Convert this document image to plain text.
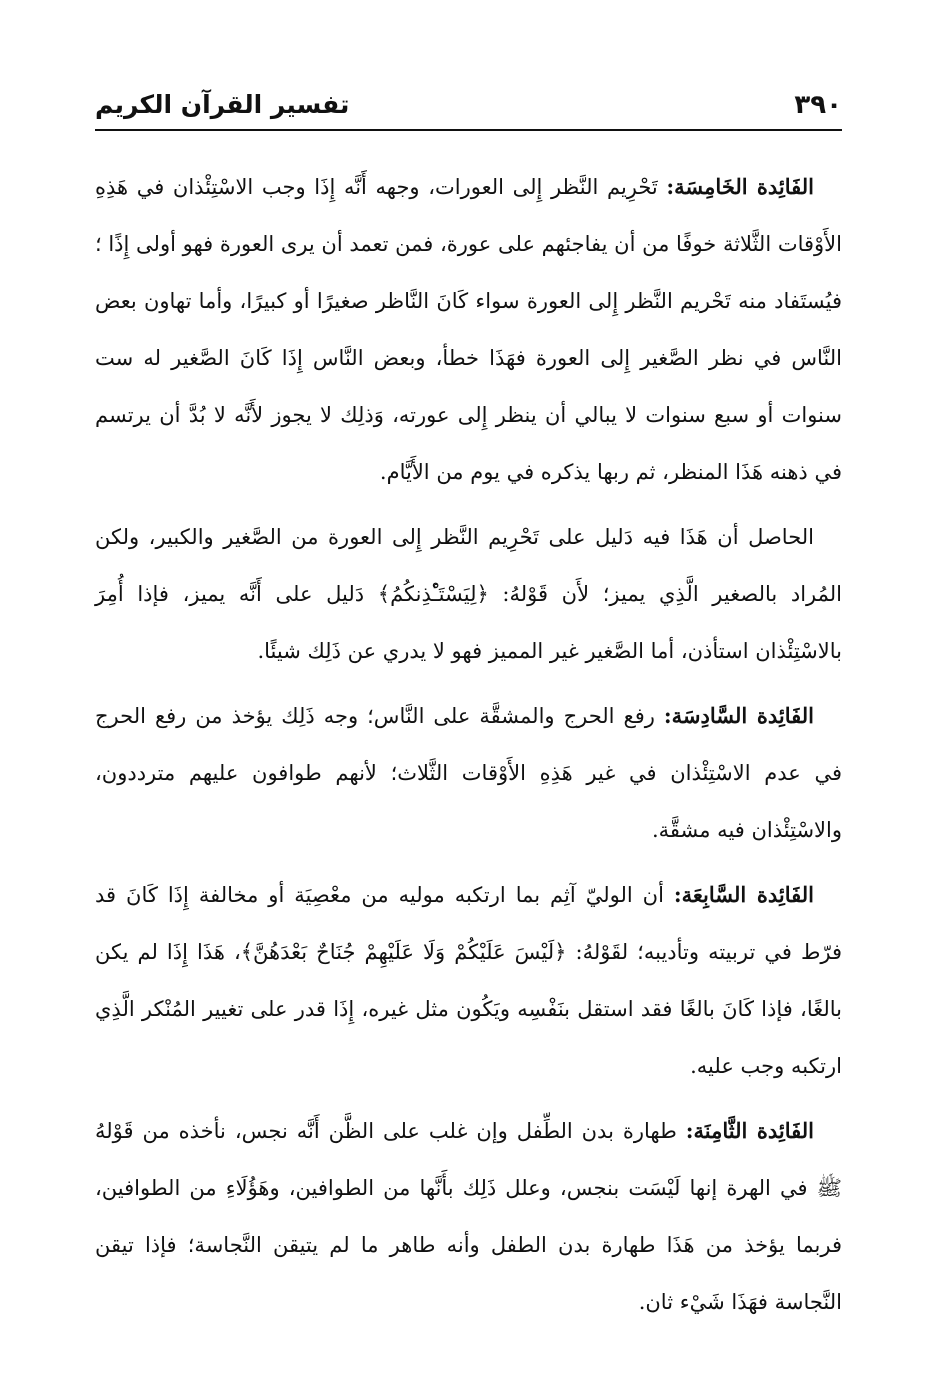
٣٩٠
تفسير القرآن الكريم

الفَائِدة الخَامِسَة: تَحْرِيم النَّظر إِلى العورات، وجهه أَنَّه إِذَا وجب الاسْتِئْذان في هَذِهِ الأَوْقات الثَّلاثة خوفًا من أن يفاجئهم على عورة، فمن تعمد أن يرى العورة فهو أولى إِذًا ؛ فيُستَفاد منه تَحْريم النَّظر إِلى العورة سواء كَانَ النَّاظر صغيرًا أو كبيرًا، وأما تهاون بعض النَّاس في نظر الصَّغير إِلى العورة فهَذَا خطأ، وبعض النَّاس إِذَا كَانَ الصَّغير له ست سنوات أو سبع سنوات لا يبالي أن ينظر إِلى عورته، وَذلِك لا يجوز لأَنَّه لا بُدَّ أن يرتسم في ذهنه هَذَا المنظر، ثم ربها يذكره في يوم من الأَيَّام.

الحاصل أن هَذَا فيه دَليل على تَحْرِيم النَّظر إِلى العورة من الصَّغير والكبير، ولكن المُراد بالصغير الَّذِي يميز؛ لأَن قَوْلهُ: ﴿لِيَسْتَـْٔذِنكُمُ﴾ دَليل على أَنَّه يميز، فإذا أُمِرَ بالاسْتِئْذان استأذن، أما الصَّغير غير المميز فهو لا يدري عن ذَلِك شيئًا.

الفَائِدة السَّادِسَة: رفع الحرج والمشقَّة على النَّاس؛ وجه ذَلِك يؤخذ من رفع الحرج في عدم الاسْتِئْذان في غير هَذِهِ الأَوْقات الثَّلاث؛ لأنهم طوافون عليهم مترددون، والاسْتِئْذان فيه مشقَّة.

الفَائِدة السَّابِعَة: أن الوليّ آثِم بما ارتكبه موليه من معْصِيَة أو مخالفة إِذَا كَانَ قد فرّط في تربيته وتأديبه؛ لقَوْلهُ: ﴿لَيْسَ عَلَيْكُمْ وَلَا عَلَيْهِمْ جُنَاحٌ بَعْدَهُنَّ﴾، هَذَا إِذَا لم يكن بالغًا، فإذا كَانَ بالغًا فقد استقل بنَفْسِه ويَكُون مثل غيره، إِذَا قدر على تغيير المُنْكر الَّذِي ارتكبه وجب عليه.

الفَائِدة الثَّامِنَة: طهارة بدن الطِّفل وإن غلب على الظَّن أَنَّه نجس، نأخذه من قَوْلهُ ﷺ في الهرة إنها لَيْسَت بنجس، وعلل ذَلِك بأَنَّها من الطوافين، وهَؤُلَاءِ من الطوافين، فربما يؤخذ من هَذَا طهارة بدن الطفل وأنه طاهر ما لم يتيقن النَّجاسة؛ فإذا تيقن النَّجاسة فهَذَا شَيْء ثان.
